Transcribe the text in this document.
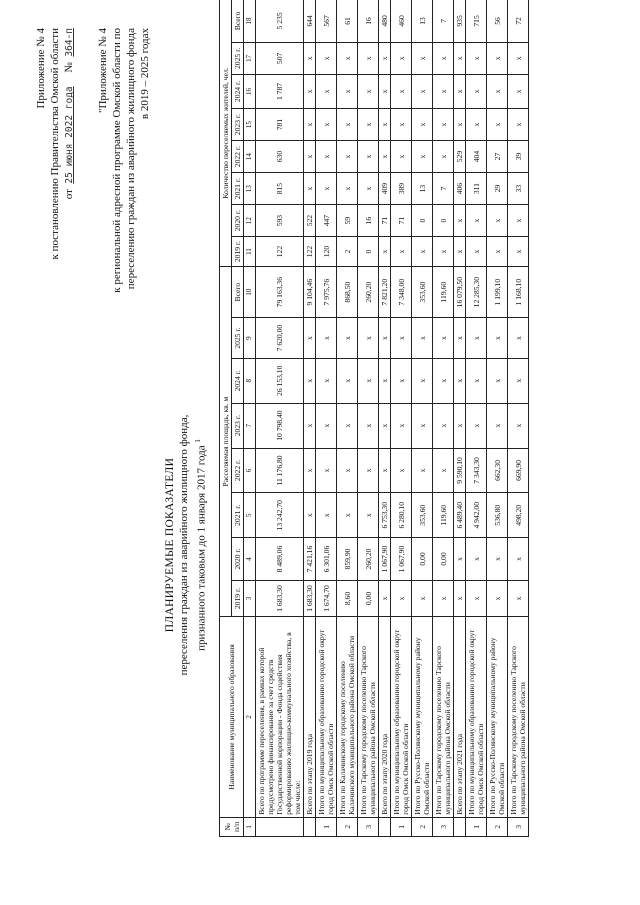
Приложение № 4 к постановлению Правительства Омской области от  25 июня 2022 года     №  364-п "Приложение № 4 к региональной адресной программе Омской области по переселению граждан из аварийного жилищного фонда в 2019 – 2025 годах
ПЛАНИРУЕМЫЕ ПОКАЗАТЕЛИ переселения граждан из аварийного жилищного фонда, признанного таковым до 1 января 2017 года $^1$
№ п/п	Наименование муниципального образования	Расселяемая площадь, кв. м								Количество переселяемых жителей, чел.							
		2019 г.	2020 г.	2021 г.	2022 г.	2023 г.	2024 г.	2025 г.	Всего	2019 г.	2020 г.	2021 г.	2022 г.	2023 г.	2024 г.	2025 г.	Всего
1	2	3	4	5	6	7	8	9	10	11	12	13	14	15	16	17	18
	Всего по программе переселения, в рамках которой предусмотрено финансирование за счет средств Государственной корпорации - Фонда содействия реформированию жилищно-коммунального хозяйства, в том числе:	1 683,30	8 489,06	13 242,70	11 176,80	10 798,40	26 153,10	7 620,00	79 163,36	122	593	815	630	781	1 787	507	5 235
	Всего по этапу 2019 года	1 683,30	7 421,16	х	х	х	х	х	9 104,46	122	522	х	х	х	х	х	644
1	Итого по муниципальному образованию городской округ город Омск Омской области	1 674,70	6 301,06	х	х	х	х	х	7 975,76	120	447	х	х	х	х	х	567
2	Итого по Калачинскому городскому поселению Калачинского муниципального района Омской области	8,60	859,90	х	х	х	х	х	868,50	2	59	х	х	х	х	х	61
3	Итого по Тарскому городскому поселению Тарского муниципального района Омской области	0,00	260,20	х	х	х	х	х	260,20	0	16	х	х	х	х	х	16
	Всего по этапу 2020 года	х	1 067,90	6 753,30	х	х	х	х	7 821,20	х	71	409	х	х	х	х	480
1	Итого по муниципальному образованию городской округ город Омск Омской области	х	1 067,90	6 280,10	х	х	х	х	7 348,00	х	71	389	х	х	х	х	460
2	Итого по Русско-Полянскому муниципальному району Омской области	х	0,00	353,60	х	х	х	х	353,60	х	0	13	х	х	х	х	13
3	Итого по Тарскому городскому поселению Тарского муниципального района Омской области	х	0,00	119,60	х	х	х	х	119,60	х	0	7	х	х	х	х	7
	Всего по этапу 2021 года	х	х	6 489,40	9 590,10	х	х	х	16 079,50	х	х	406	529	х	х	х	935
1	Итого по муниципальному образованию городской округ город Омск Омской области	х	х	4 942,00	7 343,30	х	х	х	12 285,30	х	х	311	404	х	х	х	715
2	Итого по Русско-Полянскому муниципальному району Омской области	х	х	536,80	662,30	х	х	х	1 199,10	х	х	29	27	х	х	х	56
3	Итого по Тарскому городскому поселению Тарского муниципального района Омской области	х	х	498,20	669,90	х	х	х	1 168,10	х	х	33	39	х	х	х	72
